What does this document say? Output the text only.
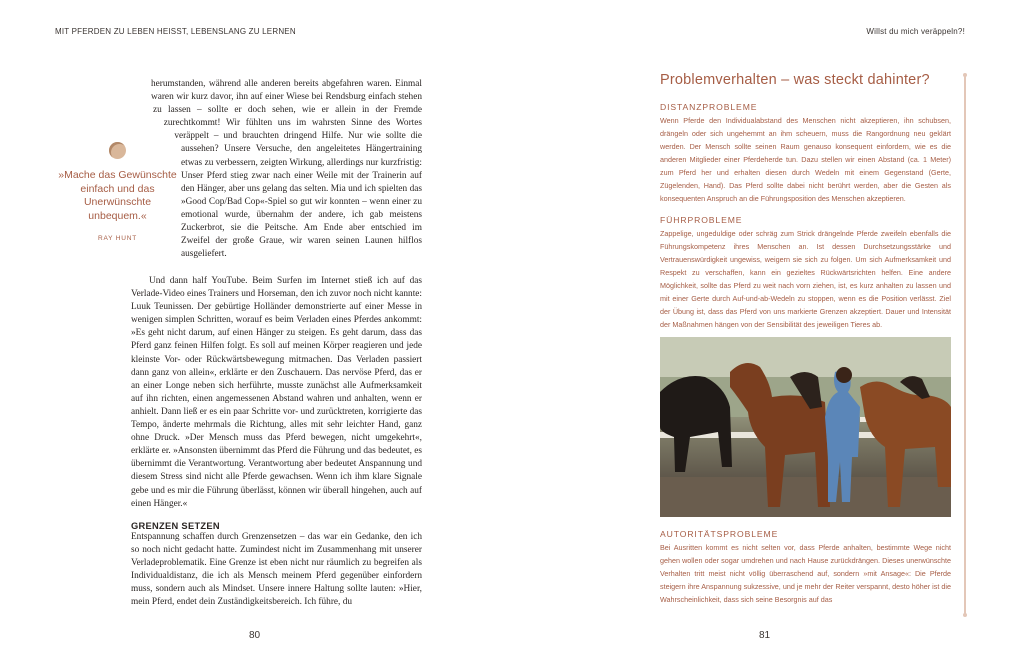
MIT PFERDEN ZU LEBEN HEISST, LEBENSLANG ZU LERNEN
»Mache das Gewünschte einfach und das Unerwünschte unbequem.«
RAY HUNT

herumstanden, während alle anderen bereits abgefahren waren. Einmal waren wir kurz davor, ihn auf einer Wiese bei Rendsburg einfach stehen zu lassen – sollte er doch sehen, wie er allein in der Fremde zurechtkommt! Wir fühlten uns im wahrsten Sinne des Wortes veräppelt – und brauchten dringend Hilfe. Nur wie sollte die aussehen? Unsere Versuche, den angeleitetes Hängertraining etwas zu verbessern, zeigten Wirkung, allerdings nur kurzfristig: Unser Pferd stieg zwar nach einer Weile mit der Trainerin auf den Hänger, aber uns gelang das selten. Mia und ich spielten das »Good Cop/Bad Cop«-Spiel so gut wir konnten – wenn einer zu emotional wurde, übernahm der andere, ich gab meistens Zuckerbrot, sie die Peitsche. Am Ende aber entschied im Zweifel der große Graue, wir waren seinen Launen hilflos ausgeliefert.

Und dann half YouTube. Beim Surfen im Internet stieß ich auf das Verlade-Video eines Trainers und Horseman, den ich zuvor noch nicht kannte: Luuk Teunissen. Der gebürtige Holländer demonstrierte auf einer Messe in wenigen simplen Schritten, worauf es beim Verladen eines Pferdes ankommt: »Es geht nicht darum, auf einen Hänger zu steigen. Es geht darum, dass das Pferd ganz feinen Hilfen folgt. Es soll auf meinen Körper reagieren und jede kleinste Vor- oder Rückwärtsbewegung mitmachen. Das Verladen passiert dann ganz von allein«, erklärte er den Zuschauern. Das nervöse Pferd, das er an einer Longe neben sich herführte, musste zunächst alle Aufmerksamkeit auf ihn richten, einen angemessenen Abstand wahren und anhalten, wenn er anhielt. Dann ließ er es ein paar Schritte vor- und zurücktreten, korrigierte das Tempo, änderte mehrmals die Richtung, alles mit sehr leichter Hand, ganz ohne Druck. »Der Mensch muss das Pferd bewegen, nicht umgekehrt«, erklärte er. »Ansonsten übernimmt das Pferd die Führung und das bedeutet, es übernimmt die Verantwortung. Verantwortung aber bedeutet Anspannung und diesem Stress sind nicht alle Pferde gewachsen. Wenn ich ihm klare Signale gebe und es mir die Führung überlässt, können wir überall hingehen, auch auf einen Hänger.«

GRENZEN SETZEN

Entspannung schaffen durch Grenzensetzen – das war ein Gedanke, den ich so noch nicht gedacht hatte. Zumindest nicht im Zusammenhang mit unserer Verladeproblematik. Eine Grenze ist eben nicht nur räumlich zu begreifen als Individualdistanz, die ich als Mensch meinem Pferd gegenüber einfordern muss, sondern auch als Mindset. Unsere innere Haltung sollte lauten: »Hier, mein Pferd, endet dein Zuständigkeitsbereich. Ich führe, du

80
Willst du mich veräppeln?!
Problemverhalten – was steckt dahinter?
DISTANZPROBLEME
Wenn Pferde den Individualabstand des Menschen nicht akzeptieren, ihn schubsen, drängeln oder sich ungehemmt an ihm scheuern, muss die Rangordnung neu geklärt werden. Der Mensch sollte seinen Raum genauso konsequent einfordern, wie es die anderen Mitglieder einer Pferdeherde tun. Dazu stellen wir einen Abstand (ca. 1 Meter) zum Pferd her und erhalten diesen durch Wedeln mit einem Gegenstand (Gerte, Zügelenden, Hand). Das Pferd sollte dabei nicht berührt werden, aber die Gesten als konsequenten Anspruch an die Führungsposition des Menschen akzeptieren.
FÜHRPROBLEME
Zappelige, ungeduldige oder schräg zum Strick drängelnde Pferde zweifeln ebenfalls die Führungskompetenz ihres Menschen an. Ist dessen Durchsetzungsstärke und Vertrauenswürdigkeit ungewiss, weigern sie sich zu folgen. Um sich Aufmerksamkeit und Respekt zu verschaffen, kann ein gezieltes Rückwärtsrichten helfen. Eine andere Möglichkeit, sollte das Pferd zu weit nach vorn ziehen, ist, es kurz anhalten zu lassen und mit einer Gerte durch Auf-und-ab-Wedeln zu stoppen, wenn es die Position verlässt. Ziel der Übung ist, dass das Pferd von uns markierte Grenzen akzeptiert. Dauer und Intensität der Maßnahmen hängen von der Sensibilität des jeweiligen Tieres ab.
AUTORITÄTSPROBLEME
Bei Ausritten kommt es nicht selten vor, dass Pferde anhalten, bestimmte Wege nicht gehen wollen oder sogar umdrehen und nach Hause zurückdrängen. Dieses unerwünschte Verhalten tritt meist nicht völlig überraschend auf, sondern »mit Ansage«: Die Pferde steigern ihre Anspannung sukzessive, und je mehr der Reiter verspannt, desto höher ist die Wahrscheinlichkeit, dass sich seine Besorgnis auf das
81
